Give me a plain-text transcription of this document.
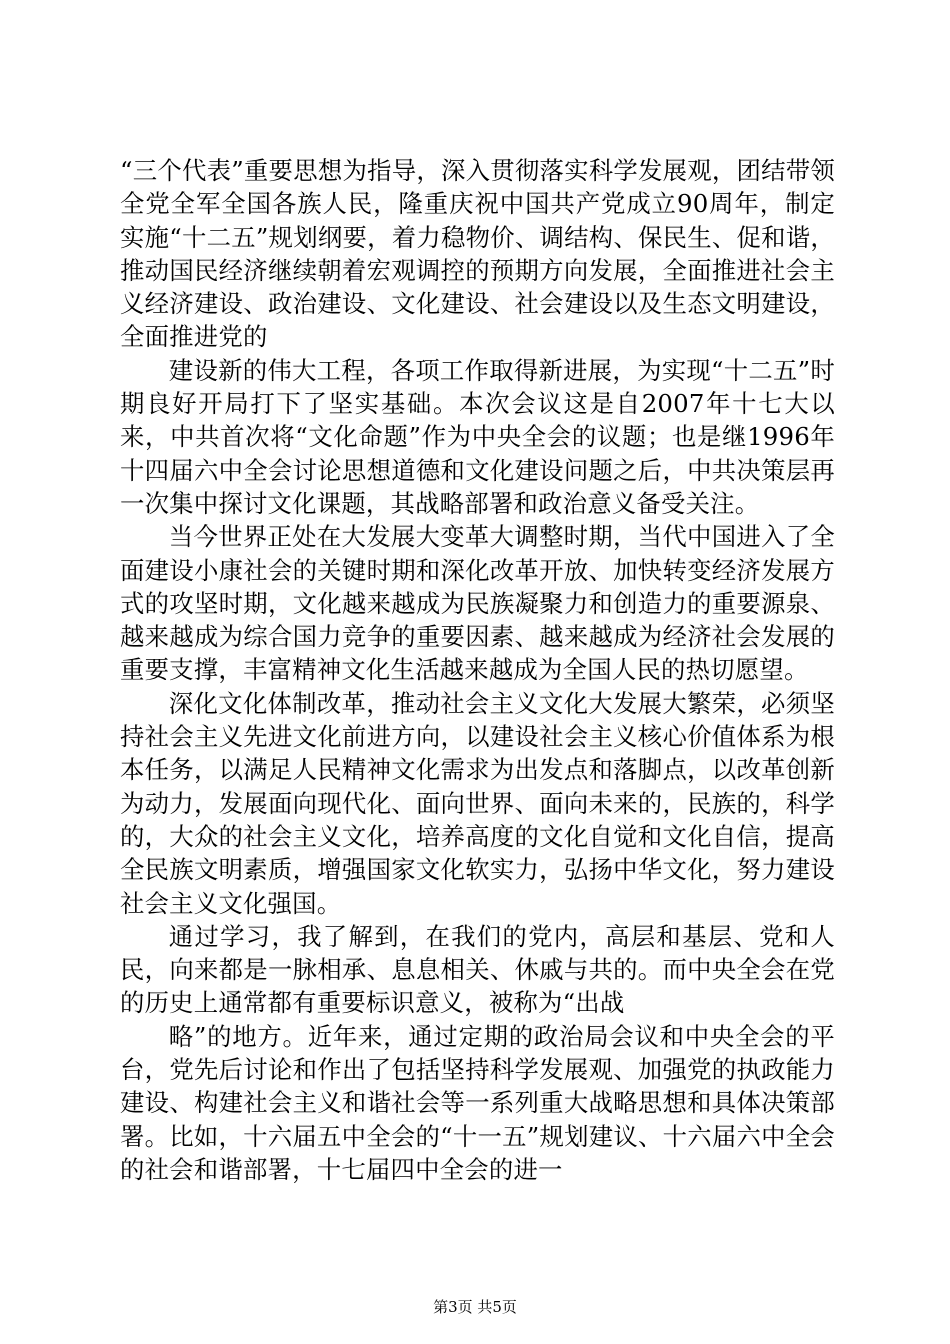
“三个代表”重要思想为指导，深入贯彻落实科学发展观，团结带领全党全军全国各族人民，隆重庆祝中国共产党成立90周年，制定实施“十二五”规划纲要，着力稳物价、调结构、保民生、促和谐，推动国民经济继续朝着宏观调控的预期方向发展，全面推进社会主义经济建设、政治建设、文化建设、社会建设以及生态文明建设，全面推进党的

建设新的伟大工程，各项工作取得新进展，为实现“十二五”时期良好开局打下了坚实基础。本次会议这是自2007年十七大以来，中共首次将“文化命题”作为中央全会的议题；也是继1996年十四届六中全会讨论思想道德和文化建设问题之后，中共决策层再一次集中探讨文化课题，其战略部署和政治意义备受关注。

当今世界正处在大发展大变革大调整时期，当代中国进入了全面建设小康社会的关键时期和深化改革开放、加快转变经济发展方式的攻坚时期，文化越来越成为民族凝聚力和创造力的重要源泉、越来越成为综合国力竞争的重要因素、越来越成为经济社会发展的重要支撑，丰富精神文化生活越来越成为全国人民的热切愿望。

深化文化体制改革，推动社会主义文化大发展大繁荣，必须坚持社会主义先进文化前进方向，以建设社会主义核心价值体系为根本任务，以满足人民精神文化需求为出发点和落脚点，以改革创新为动力，发展面向现代化、面向世界、面向未来的，民族的，科学的，大众的社会主义文化，培养高度的文化自觉和文化自信，提高全民族文明素质，增强国家文化软实力，弘扬中华文化，努力建设社会主义文化强国。

通过学习，我了解到，在我们的党内，高层和基层、党和人民，向来都是一脉相承、息息相关、休戚与共的。而中央全会在党的历史上通常都有重要标识意义，被称为“出战

略”的地方。近年来，通过定期的政治局会议和中央全会的平台，党先后讨论和作出了包括坚持科学发展观、加强党的执政能力建设、构建社会主义和谐社会等一系列重大战略思想和具体决策部署。比如，十六届五中全会的“十一五”规划建议、十六届六中全会的社会和谐部署，十七届四中全会的进一

第3页 共5页
